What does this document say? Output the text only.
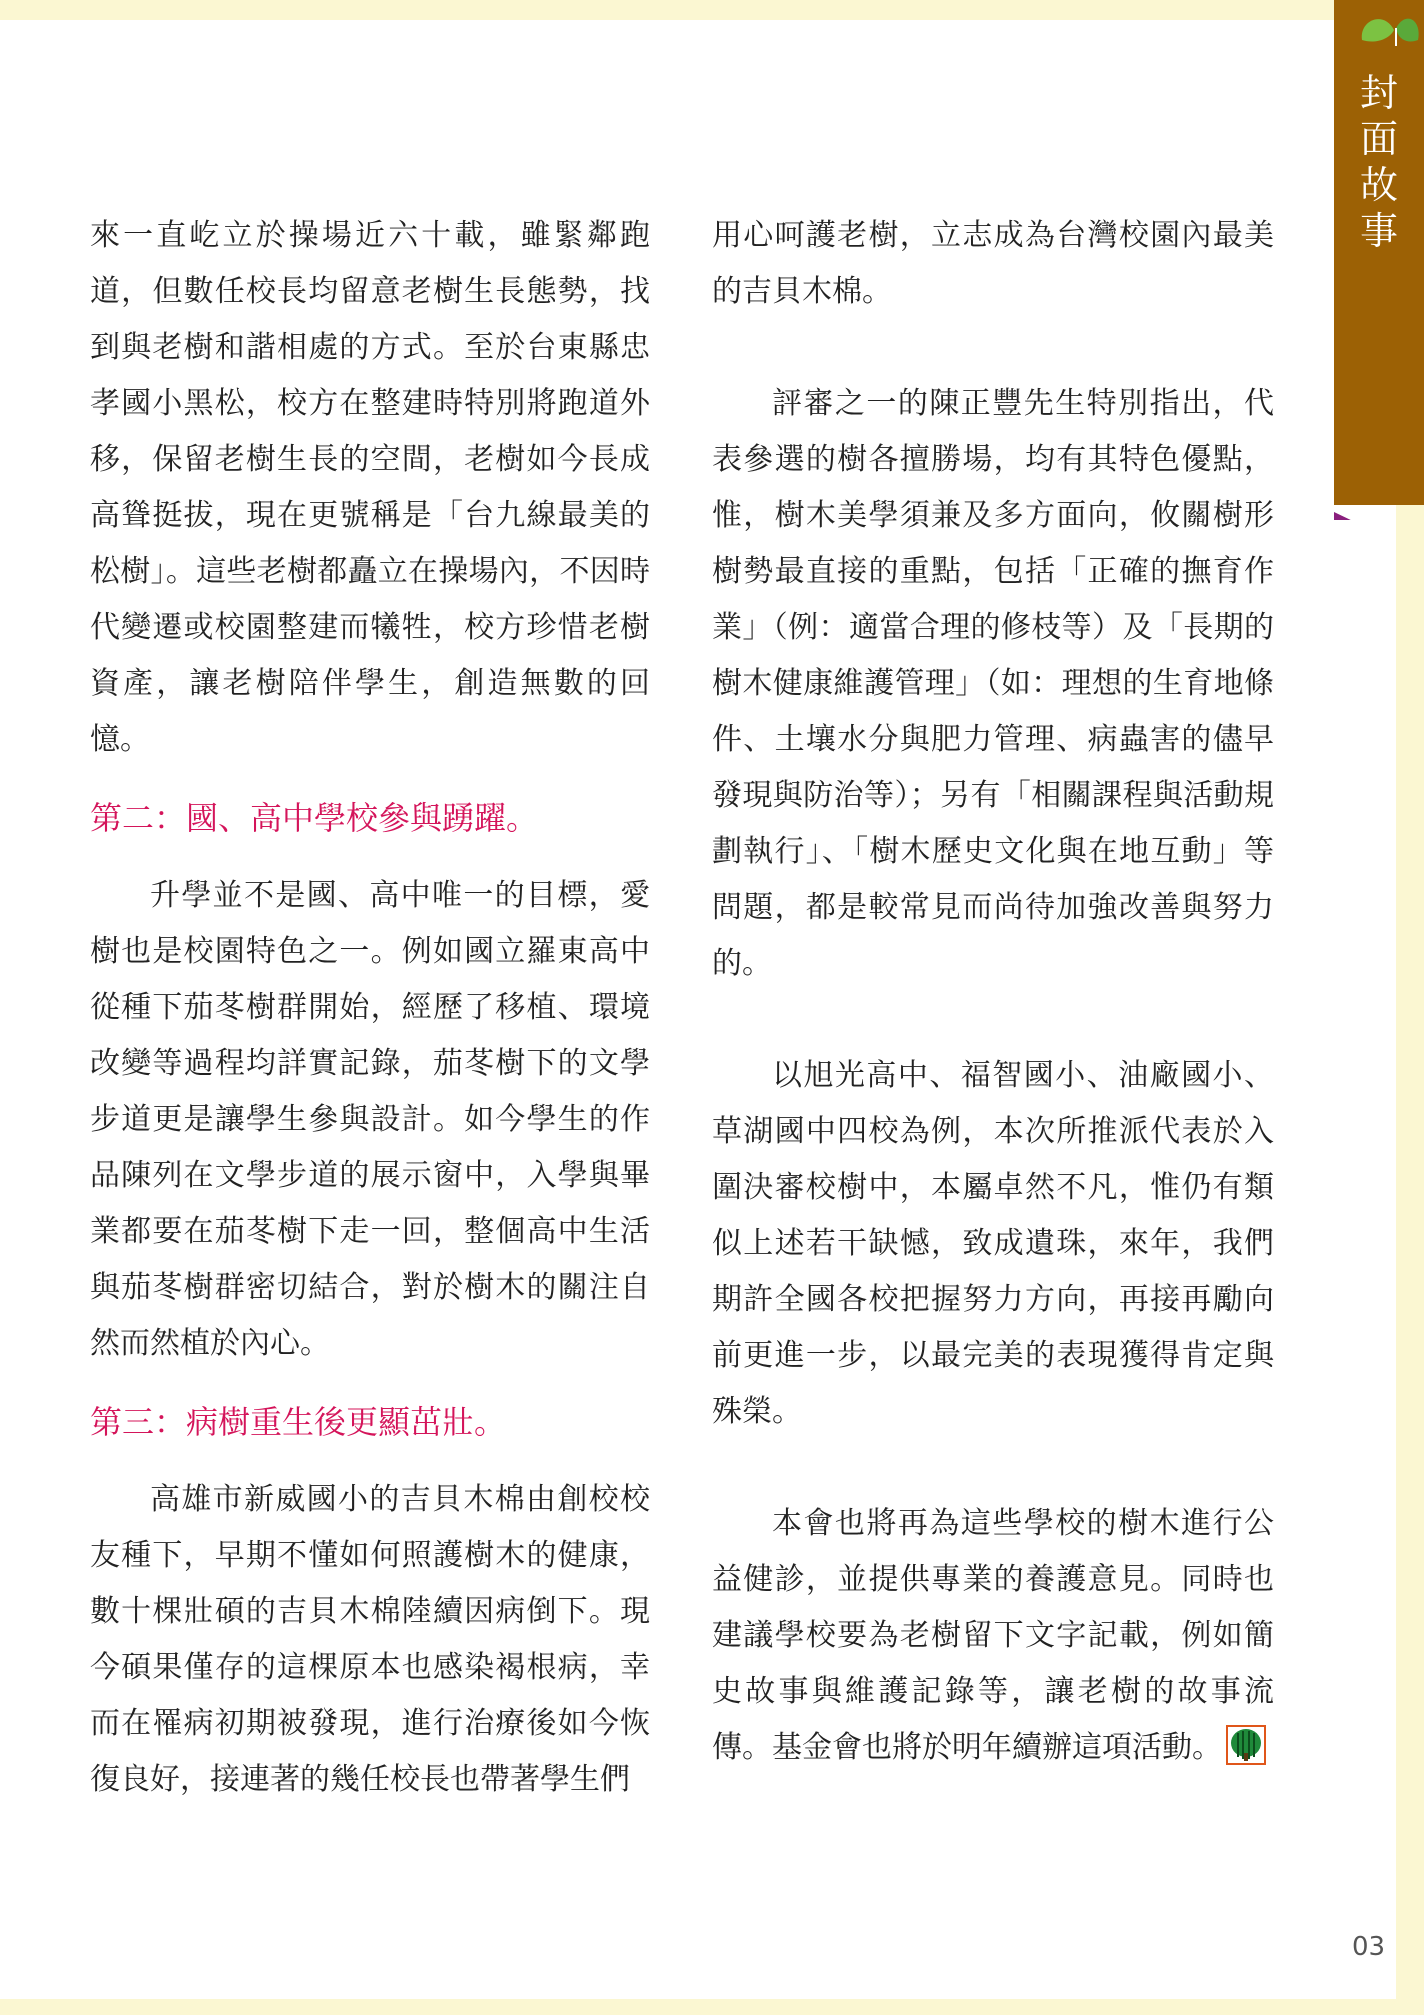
封
面
故
事

來一直屹立於操場近六十載，雖緊鄰跑道，但數任校長均留意老樹生長態勢，找到與老樹和諧相處的方式。至於台東縣忠孝國小黑松，校方在整建時特別將跑道外移，保留老樹生長的空間，老樹如今長成高聳挺拔，現在更號稱是「台九線最美的松樹」。這些老樹都矗立在操場內，不因時代變遷或校園整建而犧牲，校方珍惜老樹資產，讓老樹陪伴學生，創造無數的回憶。

第二：國、高中學校參與踴躍。

升學並不是國、高中唯一的目標，愛樹也是校園特色之一。例如國立羅東高中從種下茄苳樹群開始，經歷了移植、環境改變等過程均詳實記錄，茄苳樹下的文學步道更是讓學生參與設計。如今學生的作品陳列在文學步道的展示窗中，入學與畢業都要在茄苳樹下走一回，整個高中生活與茄苳樹群密切結合，對於樹木的關注自然而然植於內心。

第三：病樹重生後更顯茁壯。

高雄市新威國小的吉貝木棉由創校校友種下，早期不懂如何照護樹木的健康，數十棵壯碩的吉貝木棉陸續因病倒下。現今碩果僅存的這棵原本也感染褐根病，幸而在罹病初期被發現，進行治療後如今恢復良好，接連著的幾任校長也帶著學生們

用心呵護老樹，立志成為台灣校園內最美的吉貝木棉。

評審之一的陳正豐先生特別指出，代表參選的樹各擅勝場，均有其特色優點，惟，樹木美學須兼及多方面向，攸關樹形樹勢最直接的重點，包括「正確的撫育作業」（例：適當合理的修枝等）及「長期的樹木健康維護管理」（如：理想的生育地條件、土壤水分與肥力管理、病蟲害的儘早發現與防治等）；另有「相關課程與活動規劃執行」、「樹木歷史文化與在地互動」等問題，都是較常見而尚待加強改善與努力的。

以旭光高中、福智國小、油廠國小、草湖國中四校為例，本次所推派代表於入圍決審校樹中，本屬卓然不凡，惟仍有類似上述若干缺憾，致成遺珠，來年，我們期許全國各校把握努力方向，再接再勵向前更進一步，以最完美的表現獲得肯定與殊榮。

本會也將再為這些學校的樹木進行公益健診，並提供專業的養護意見。同時也建議學校要為老樹留下文字記載，例如簡史故事與維護記錄等，讓老樹的故事流傳。基金會也將於明年續辦這項活動。

03
